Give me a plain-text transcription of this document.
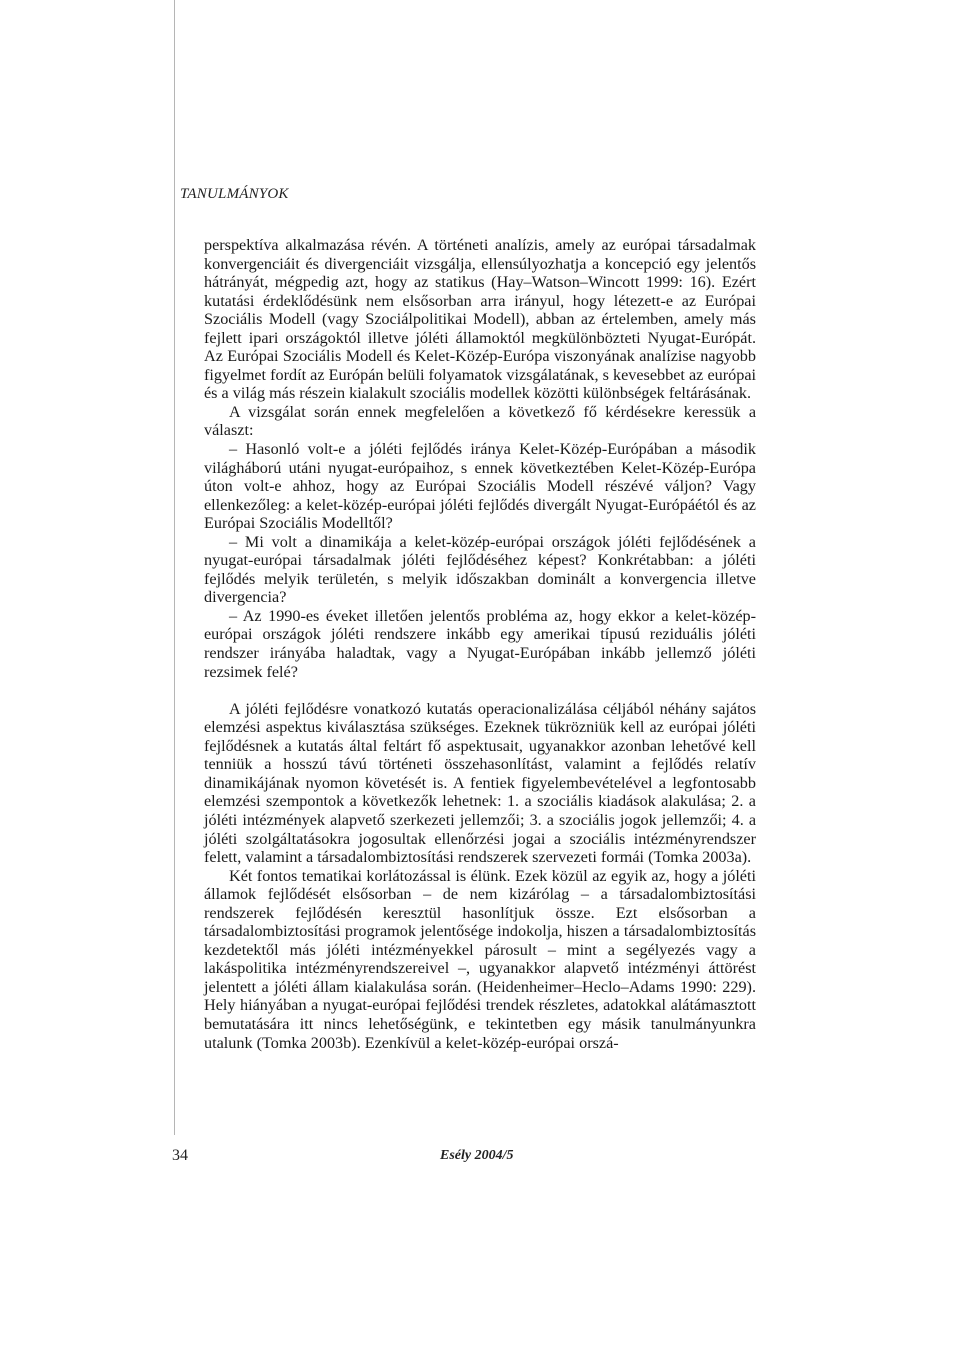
TANULMÁNYOK

perspektíva alkalmazása révén. A történeti analízis, amely az európai társadalmak konvergenciáit és divergenciáit vizsgálja, ellensúlyozhatja a koncepció egy jelentős hátrányát, mégpedig azt, hogy az statikus (Hay–Watson–Wincott 1999: 16). Ezért kutatási érdeklődésünk nem elsősorban arra irányul, hogy létezett-e az Európai Szociális Modell (vagy Szociálpolitikai Modell), abban az értelemben, amely más fejlett ipari országoktól illetve jóléti államoktól megkülönbözteti Nyugat-Európát. Az Európai Szociális Modell és Kelet-Közép-Európa viszonyának analízise nagyobb figyelmet fordít az Európán belüli folyamatok vizsgálatának, s kevesebbet az európai és a világ más részein kialakult szociális modellek közötti különbségek feltárásának.

A vizsgálat során ennek megfelelően a következő fő kérdésekre keressük a választ:

– Hasonló volt-e a jóléti fejlődés iránya Kelet-Közép-Európában a második világháború utáni nyugat-európaihoz, s ennek következtében Kelet-Közép-Európa úton volt-e ahhoz, hogy az Európai Szociális Modell részévé váljon? Vagy ellenkezőleg: a kelet-közép-európai jóléti fejlődés divergált Nyugat-Európáétól és az Európai Szociális Modelltől?

– Mi volt a dinamikája a kelet-közép-európai országok jóléti fejlődésének a nyugat-európai társadalmak jóléti fejlődéséhez képest? Konkrétabban: a jóléti fejlődés melyik területén, s melyik időszakban dominált a konvergencia illetve divergencia?

– Az 1990-es éveket illetően jelentős probléma az, hogy ekkor a kelet-közép-európai országok jóléti rendszere inkább egy amerikai típusú reziduális jóléti rendszer irányába haladtak, vagy a Nyugat-Európában inkább jellemző jóléti rezsimek felé?

A jóléti fejlődésre vonatkozó kutatás operacionalizálása céljából néhány sajátos elemzési aspektus kiválasztása szükséges. Ezeknek tükrözniük kell az európai jóléti fejlődésnek a kutatás által feltárt fő aspektusait, ugyanakkor azonban lehetővé kell tenniük a hosszú távú történeti összehasonlítást, valamint a fejlődés relatív dinamikájának nyomon követését is. A fentiek figyelembevételével a legfontosabb elemzési szempontok a következők lehetnek: 1. a szociális kiadások alakulása; 2. a jóléti intézmények alapvető szerkezeti jellemzői; 3. a szociális jogok jellemzői; 4. a jóléti szolgáltatásokra jogosultak ellenőrzési jogai a szociális intézményrendszer felett, valamint a társadalombiztosítási rendszerek szervezeti formái (Tomka 2003a).

Két fontos tematikai korlátozással is élünk. Ezek közül az egyik az, hogy a jóléti államok fejlődését elsősorban – de nem kizárólag – a társadalombiztosítási rendszerek fejlődésén keresztül hasonlítjuk össze. Ezt elsősorban a társadalombiztosítási programok jelentősége indokolja, hiszen a társadalombiztosítás kezdetektől más jóléti intézményekkel párosult – mint a segélyezés vagy a lakáspolitika intézményrendszereivel –, ugyanakkor alapvető intézményi áttörést jelentett a jóléti állam kialakulása során. (Heidenheimer–Heclo–Adams 1990: 229). Hely hiányában a nyugat-európai fejlődési trendek részletes, adatokkal alátámasztott bemutatására itt nincs lehetőségünk, e tekintetben egy másik tanulmányunkra utalunk (Tomka 2003b). Ezenkívül a kelet-közép-európai orszá-

34	Esély 2004/5
